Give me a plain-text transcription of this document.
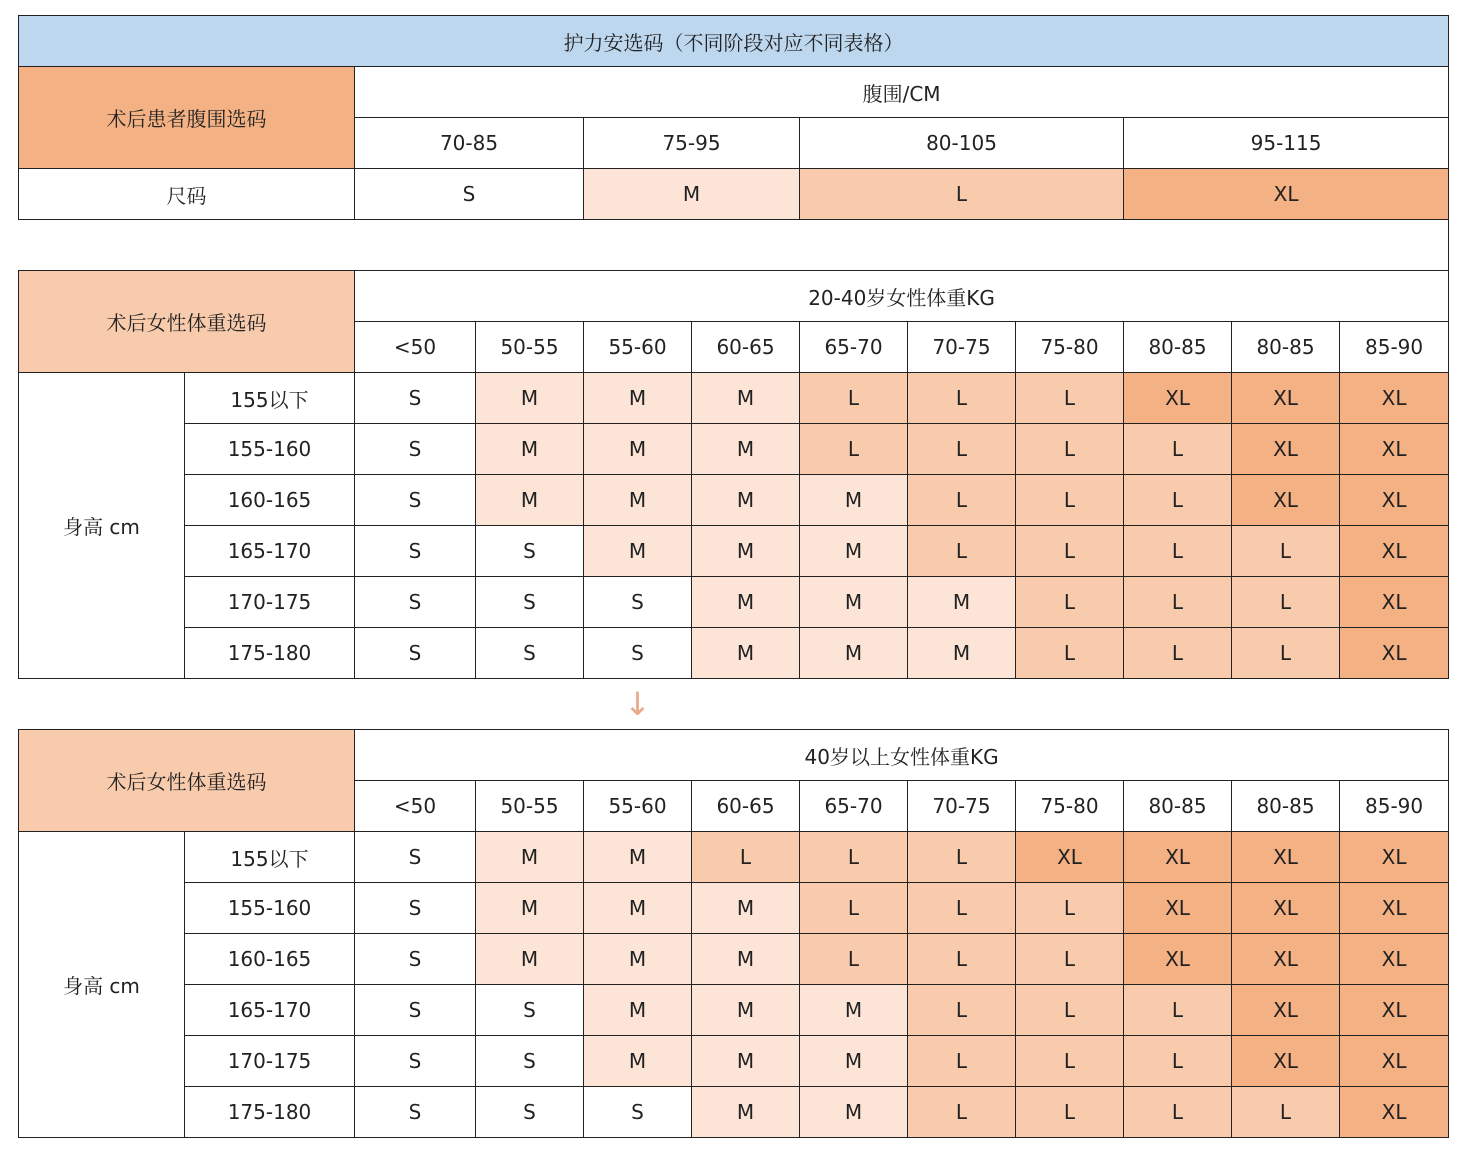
护力安选码（不同阶段对应不同表格）											
术后患者腹围选码		腹围/CM									
		70-85		75-95		80-105			95-115		
尺码		S		M		L			XL		

术后女性体重选码		20-40岁女性体重KG									
		<50	50-55	55-60	60-65	65-70	70-75	75-80	80-85	80-85	85-90
身高 cm	155以下	S	M	M	M	L	L	L	XL	XL	XL
	155-160	S	M	M	M	L	L	L	L	XL	XL
	160-165	S	M	M	M	M	L	L	L	XL	XL
	165-170	S	S	M	M	M	L	L	L	L	XL
	170-175	S	S	S	M	M	M	L	L	L	XL
	175-180	S	S	S	M	M	M	L	L	L	XL
				↓							
术后女性体重选码		40岁以上女性体重KG									
		<50	50-55	55-60	60-65	65-70	70-75	75-80	80-85	80-85	85-90
身高 cm	155以下	S	M	M	L	L	L	XL	XL	XL	XL
	155-160	S	M	M	M	L	L	L	XL	XL	XL
	160-165	S	M	M	M	L	L	L	XL	XL	XL
	165-170	S	S	M	M	M	L	L	L	XL	XL
	170-175	S	S	M	M	M	L	L	L	XL	XL
	175-180	S	S	S	M	M	L	L	L	L	XL
